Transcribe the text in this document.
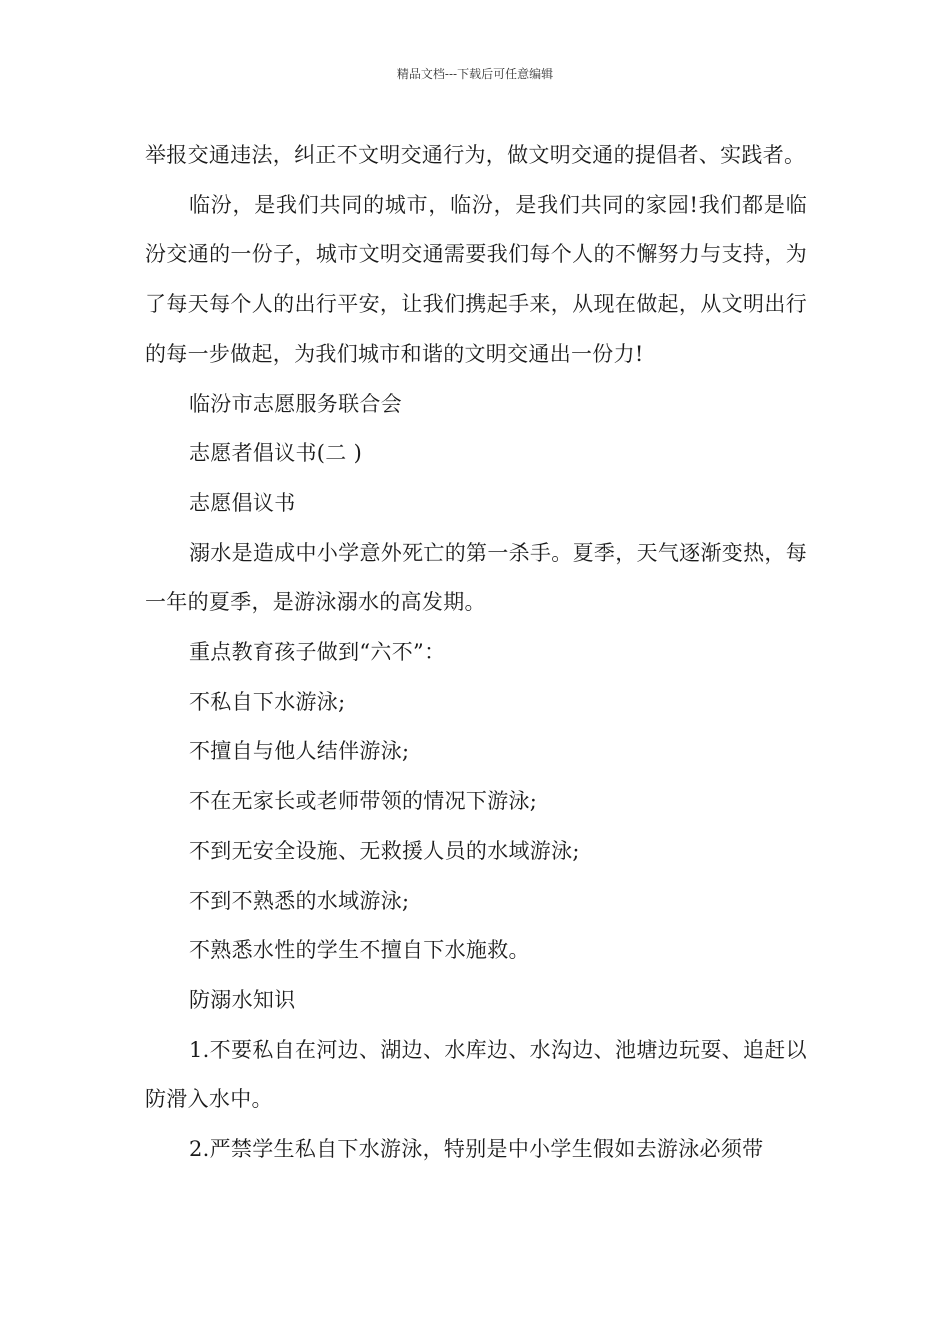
精品文档---下载后可任意编辑

举报交通违法，纠正不文明交通行为，做文明交通的提倡者、实践者。

临汾，是我们共同的城市，临汾，是我们共同的家园!我们都是临汾交通的一份子，城市文明交通需要我们每个人的不懈努力与支持，为了每天每个人的出行平安，让我们携起手来，从现在做起，从文明出行的每一步做起，为我们城市和谐的文明交通出一份力!

临汾市志愿服务联合会

志愿者倡议书(二 )

志愿倡议书

溺水是造成中小学意外死亡的第一杀手。夏季，天气逐渐变热，每一年的夏季，是游泳溺水的高发期。

重点教育孩子做到“六不”：

不私自下水游泳;

不擅自与他人结伴游泳;

不在无家长或老师带领的情况下游泳;

不到无安全设施、无救援人员的水域游泳;

不到不熟悉的水域游泳;

不熟悉水性的学生不擅自下水施救。

防溺水知识

1.不要私自在河边、湖边、水库边、水沟边、池塘边玩耍、追赶以防滑入水中。

2.严禁学生私自下水游泳，特别是中小学生假如去游泳必须带
